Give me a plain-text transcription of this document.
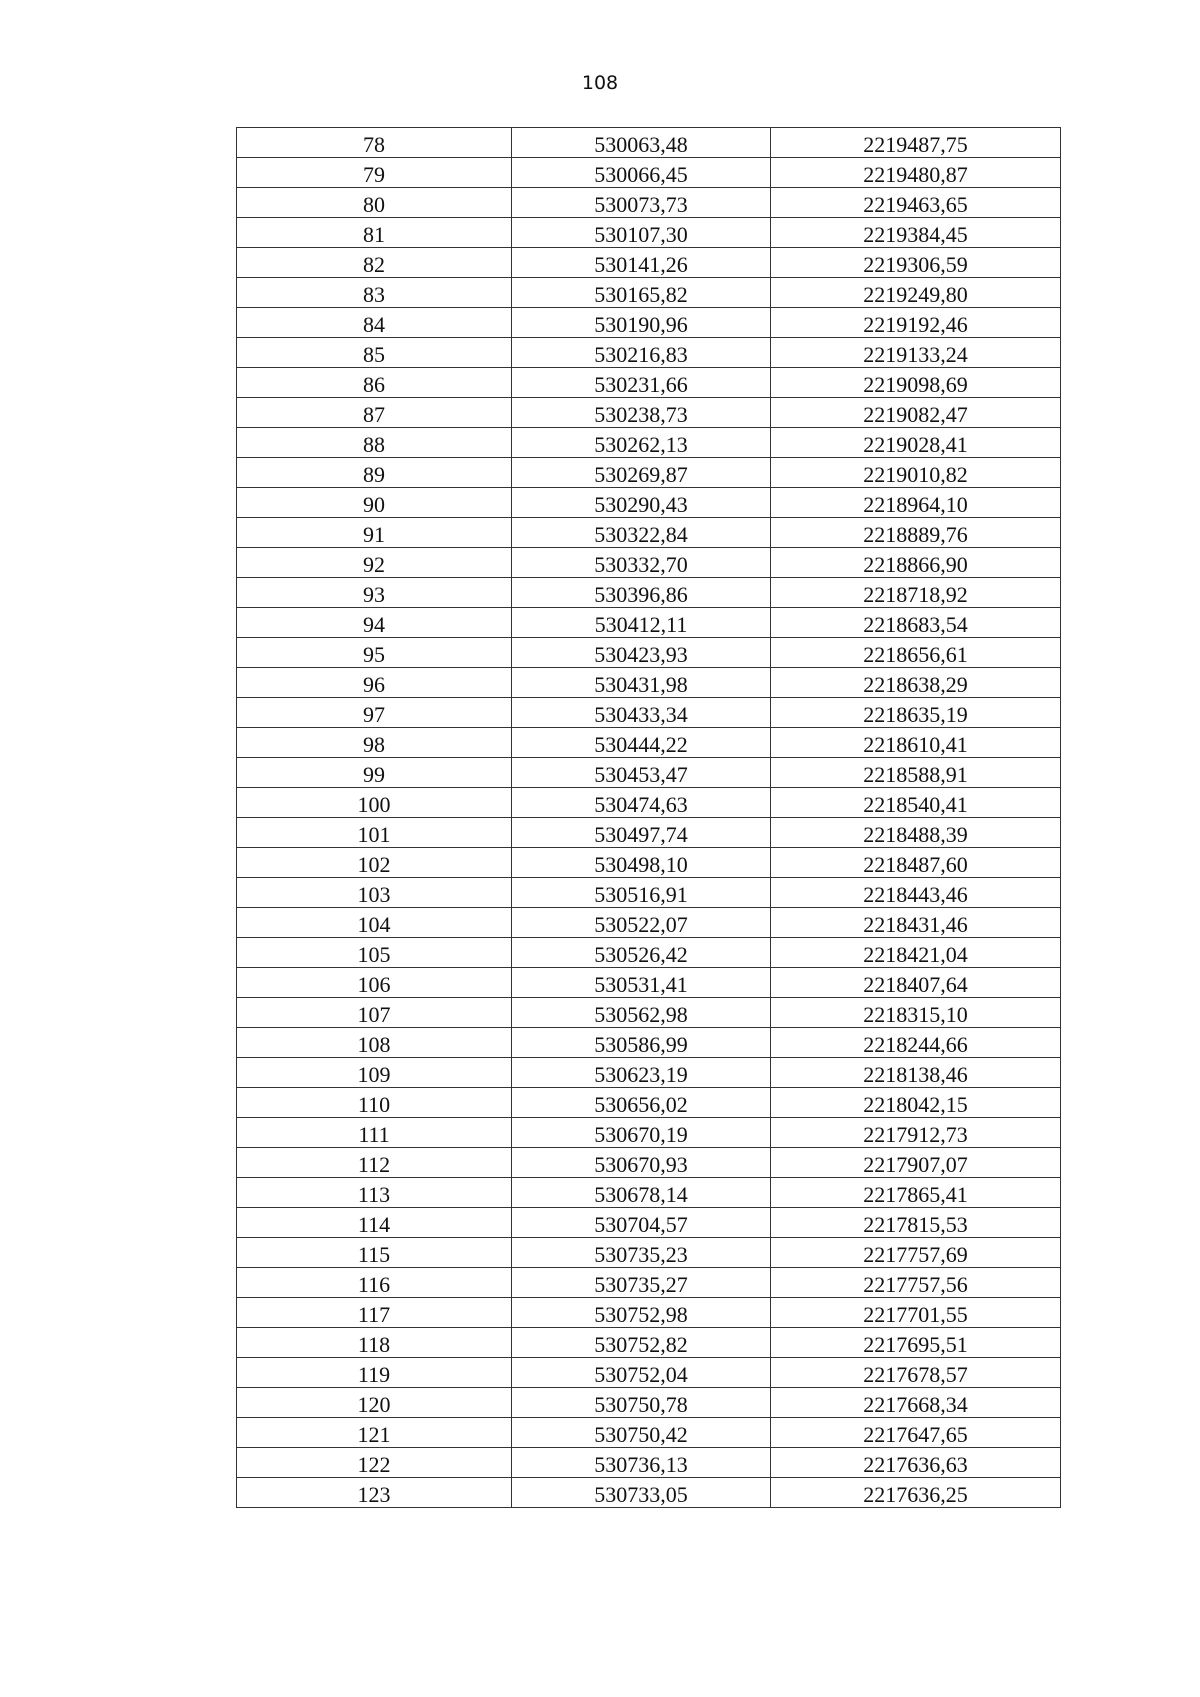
108
78	530063,48	2219487,75
79	530066,45	2219480,87
80	530073,73	2219463,65
81	530107,30	2219384,45
82	530141,26	2219306,59
83	530165,82	2219249,80
84	530190,96	2219192,46
85	530216,83	2219133,24
86	530231,66	2219098,69
87	530238,73	2219082,47
88	530262,13	2219028,41
89	530269,87	2219010,82
90	530290,43	2218964,10
91	530322,84	2218889,76
92	530332,70	2218866,90
93	530396,86	2218718,92
94	530412,11	2218683,54
95	530423,93	2218656,61
96	530431,98	2218638,29
97	530433,34	2218635,19
98	530444,22	2218610,41
99	530453,47	2218588,91
100	530474,63	2218540,41
101	530497,74	2218488,39
102	530498,10	2218487,60
103	530516,91	2218443,46
104	530522,07	2218431,46
105	530526,42	2218421,04
106	530531,41	2218407,64
107	530562,98	2218315,10
108	530586,99	2218244,66
109	530623,19	2218138,46
110	530656,02	2218042,15
111	530670,19	2217912,73
112	530670,93	2217907,07
113	530678,14	2217865,41
114	530704,57	2217815,53
115	530735,23	2217757,69
116	530735,27	2217757,56
117	530752,98	2217701,55
118	530752,82	2217695,51
119	530752,04	2217678,57
120	530750,78	2217668,34
121	530750,42	2217647,65
122	530736,13	2217636,63
123	530733,05	2217636,25
